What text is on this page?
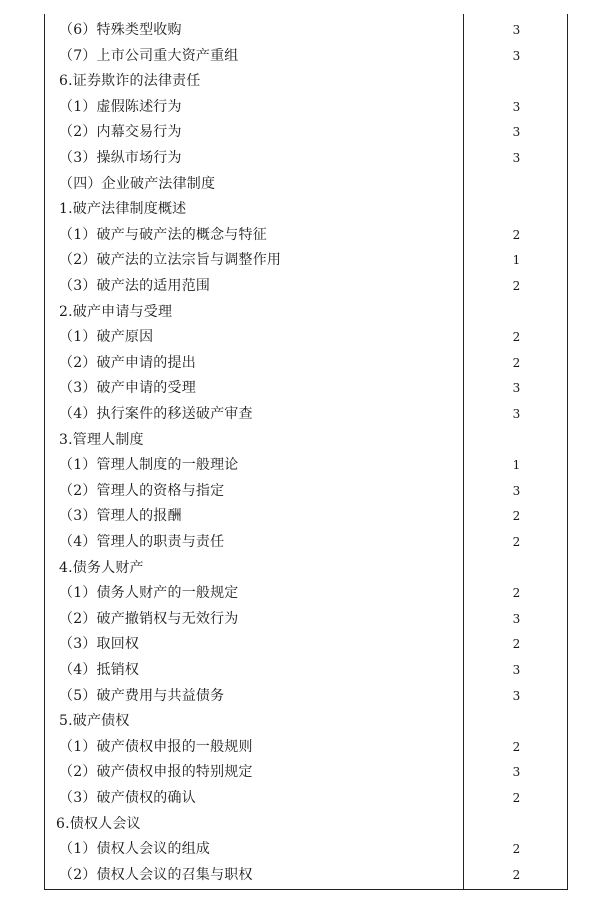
（6）特殊类型收购	3
（7）上市公司重大资产重组	3
6.证券欺诈的法律责任
（1）虚假陈述行为	3
（2）内幕交易行为	3
（3）操纵市场行为	3
（四）企业破产法律制度
1.破产法律制度概述
（1）破产与破产法的概念与特征	2
（2）破产法的立法宗旨与调整作用	1
（3）破产法的适用范围	2
2.破产申请与受理
（1）破产原因	2
（2）破产申请的提出	2
（3）破产申请的受理	3
（4）执行案件的移送破产审查	3
3.管理人制度
（1）管理人制度的一般理论	1
（2）管理人的资格与指定	3
（3）管理人的报酬	2
（4）管理人的职责与责任	2
4.债务人财产
（1）债务人财产的一般规定	2
（2）破产撤销权与无效行为	3
（3）取回权	2
（4）抵销权	3
（5）破产费用与共益债务	3
5.破产债权
（1）破产债权申报的一般规则	2
（2）破产债权申报的特别规定	3
（3）破产债权的确认	2
6.债权人会议
（1）债权人会议的组成	2
（2）债权人会议的召集与职权	2
